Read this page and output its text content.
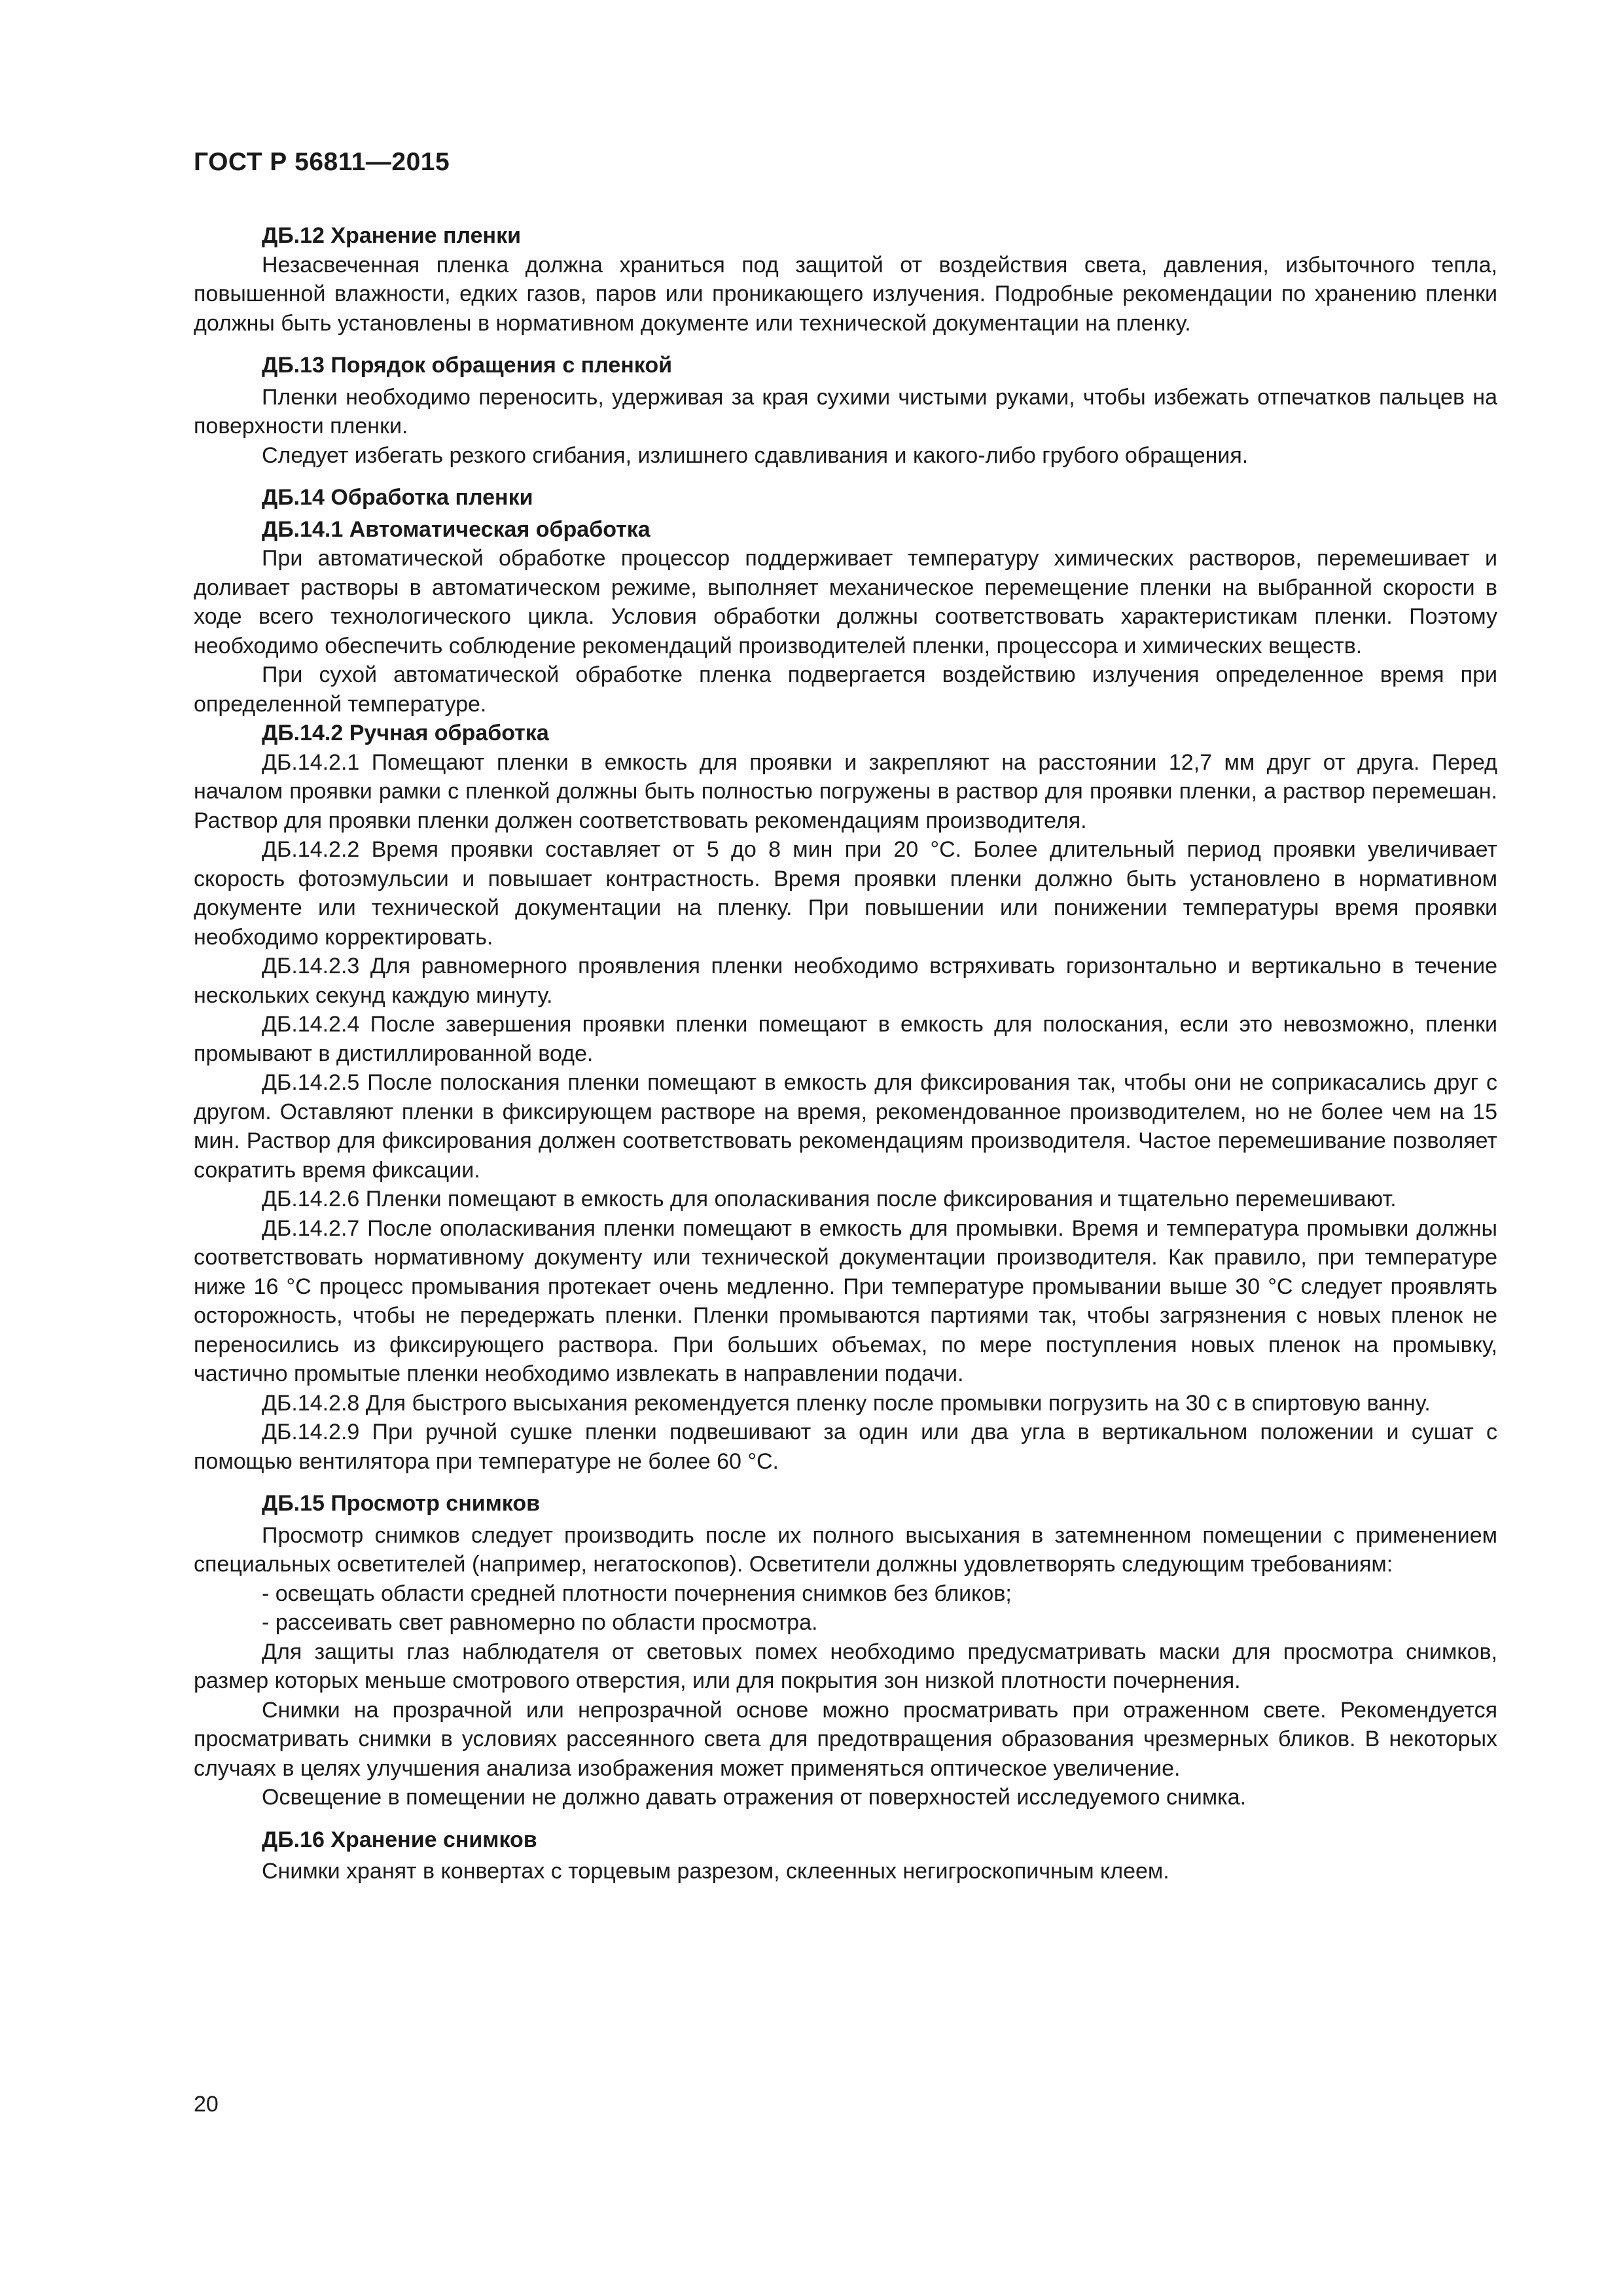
ГОСТ Р 56811—2015
ДБ.12 Хранение пленки

Незасвеченная пленка должна храниться под защитой от воздействия света, давления, избыточного тепла, повышенной влажности, едких газов, паров или проникающего излучения. Подробные рекомендации по хранению пленки должны быть установлены в нормативном документе или технической документации на пленку.

ДБ.13 Порядок обращения с пленкой

Пленки необходимо переносить, удерживая за края сухими чистыми руками, чтобы избежать отпечатков пальцев на поверхности пленки.

Следует избегать резкого сгибания, излишнего сдавливания и какого-либо грубого обращения.

ДБ.14 Обработка пленки
ДБ.14.1 Автоматическая обработка

При автоматической обработке процессор поддерживает температуру химических растворов, перемешивает и доливает растворы в автоматическом режиме, выполняет механическое перемещение пленки на выбранной скорости в ходе всего технологического цикла. Условия обработки должны соответствовать характеристикам пленки. Поэтому необходимо обеспечить соблюдение рекомендаций производителей пленки, процессора и химических веществ.

При сухой автоматической обработке пленка подвергается воздействию излучения определенное время при определенной температуре.

ДБ.14.2 Ручная обработка

ДБ.14.2.1 Помещают пленки в емкость для проявки и закрепляют на расстоянии 12,7 мм друг от друга. Перед началом проявки рамки с пленкой должны быть полностью погружены в раствор для проявки пленки, а раствор перемешан. Раствор для проявки пленки должен соответствовать рекомендациям производителя.

ДБ.14.2.2 Время проявки составляет от 5 до 8 мин при 20 °С. Более длительный период проявки увеличивает скорость фотоэмульсии и повышает контрастность. Время проявки пленки должно быть установлено в нормативном документе или технической документации на пленку. При повышении или понижении температуры время проявки необходимо корректировать.

ДБ.14.2.3 Для равномерного проявления пленки необходимо встряхивать горизонтально и вертикально в течение нескольких секунд каждую минуту.

ДБ.14.2.4 После завершения проявки пленки помещают в емкость для полоскания, если это невозможно, пленки промывают в дистиллированной воде.

ДБ.14.2.5 После полоскания пленки помещают в емкость для фиксирования так, чтобы они не соприкасались друг с другом. Оставляют пленки в фиксирующем растворе на время, рекомендованное производителем, но не более чем на 15 мин. Раствор для фиксирования должен соответствовать рекомендациям производителя. Частое перемешивание позволяет сократить время фиксации.

ДБ.14.2.6 Пленки помещают в емкость для ополаскивания после фиксирования и тщательно перемешивают.

ДБ.14.2.7 После ополаскивания пленки помещают в емкость для промывки. Время и температура промывки должны соответствовать нормативному документу или технической документации производителя. Как правило, при температуре ниже 16 °С процесс промывания протекает очень медленно. При температуре промывании выше 30 °С следует проявлять осторожность, чтобы не передержать пленки. Пленки промываются партиями так, чтобы загрязнения с новых пленок не переносились из фиксирующего раствора. При больших объемах, по мере поступления новых пленок на промывку, частично промытые пленки необходимо извлекать в направлении подачи.

ДБ.14.2.8 Для быстрого высыхания рекомендуется пленку после промывки погрузить на 30 с в спиртовую ванну.

ДБ.14.2.9 При ручной сушке пленки подвешивают за один или два угла в вертикальном положении и сушат с помощью вентилятора при температуре не более 60 °С.

ДБ.15 Просмотр снимков

Просмотр снимков следует производить после их полного высыхания в затемненном помещении с применением специальных осветителей (например, негатоскопов). Осветители должны удовлетворять следующим требованиям:

- освещать области средней плотности почернения снимков без бликов;
- рассеивать свет равномерно по области просмотра.

Для защиты глаз наблюдателя от световых помех необходимо предусматривать маски для просмотра снимков, размер которых меньше смотрового отверстия, или для покрытия зон низкой плотности почернения.

Снимки на прозрачной или непрозрачной основе можно просматривать при отраженном свете. Рекомендуется просматривать снимки в условиях рассеянного света для предотвращения образования чрезмерных бликов. В некоторых случаях в целях улучшения анализа изображения может применяться оптическое увеличение.

Освещение в помещении не должно давать отражения от поверхностей исследуемого снимка.

ДБ.16 Хранение снимков

Снимки хранят в конвертах с торцевым разрезом, склеенных негигроскопичным клеем.

20
